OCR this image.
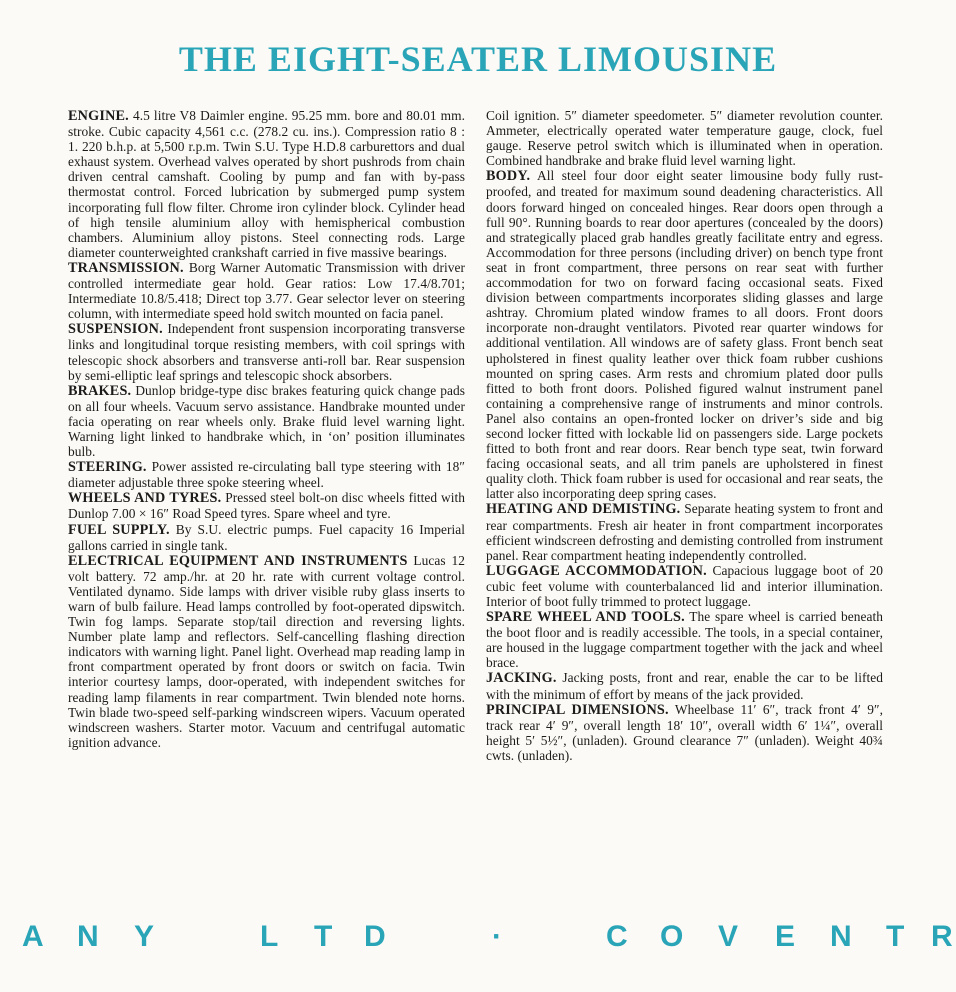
THE EIGHT-SEATER LIMOUSINE

ENGINE. 4.5 litre V8 Daimler engine. 95.25 mm. bore and 80.01 mm. stroke. Cubic capacity 4,561 c.c. (278.2 cu. ins.). Compression ratio 8 : 1. 220 b.h.p. at 5,500 r.p.m. Twin S.U. Type H.D.8 carburettors and dual exhaust system. Overhead valves operated by short pushrods from chain driven central camshaft. Cooling by pump and fan with by-pass thermostat control. Forced lubrication by submerged pump system incorporating full flow filter. Chrome iron cylinder block. Cylinder head of high tensile aluminium alloy with hemispherical combustion chambers. Aluminium alloy pistons. Steel connecting rods. Large diameter counterweighted crankshaft carried in five massive bearings.

TRANSMISSION. Borg Warner Automatic Transmission with driver controlled intermediate gear hold. Gear ratios: Low 17.4/8.701; Intermediate 10.8/5.418; Direct top 3.77. Gear selector lever on steering column, with intermediate speed hold switch mounted on facia panel.

SUSPENSION. Independent front suspension incorporating transverse links and longitudinal torque resisting members, with coil springs with telescopic shock absorbers and transverse anti-roll bar. Rear suspension by semi-elliptic leaf springs and telescopic shock absorbers.

BRAKES. Dunlop bridge-type disc brakes featuring quick change pads on all four wheels. Vacuum servo assistance. Handbrake mounted under facia operating on rear wheels only. Brake fluid level warning light. Warning light linked to handbrake which, in ‘on’ position illuminates bulb.

STEERING. Power assisted re-circulating ball type steering with 18″ diameter adjustable three spoke steering wheel.

WHEELS AND TYRES. Pressed steel bolt-on disc wheels fitted with Dunlop 7.00 × 16″ Road Speed tyres. Spare wheel and tyre.

FUEL SUPPLY. By S.U. electric pumps. Fuel capacity 16 Imperial gallons carried in single tank.

ELECTRICAL EQUIPMENT AND INSTRUMENTS Lucas 12 volt battery. 72 amp./hr. at 20 hr. rate with current voltage control. Ventilated dynamo. Side lamps with driver visible ruby glass inserts to warn of bulb failure. Head lamps controlled by foot-operated dipswitch. Twin fog lamps. Separate stop/tail direction and reversing lights. Number plate lamp and reflectors. Self-cancelling flashing direction indicators with warning light. Panel light. Overhead map reading lamp in front compartment operated by front doors or switch on facia. Twin interior courtesy lamps, door-operated, with independent switches for reading lamp filaments in rear compartment. Twin blended note horns. Twin blade two-speed self-parking windscreen wipers. Vacuum operated windscreen washers. Starter motor. Vacuum and centrifugal automatic ignition advance.

Coil ignition. 5″ diameter speedometer. 5″ diameter revolution counter. Ammeter, electrically operated water temperature gauge, clock, fuel gauge. Reserve petrol switch which is illuminated when in operation. Combined handbrake and brake fluid level warning light.

BODY. All steel four door eight seater limousine body fully rust-proofed, and treated for maximum sound deadening characteristics. All doors forward hinged on concealed hinges. Rear doors open through a full 90°. Running boards to rear door apertures (concealed by the doors) and strategically placed grab handles greatly facilitate entry and egress. Accommodation for three persons (including driver) on bench type front seat in front compartment, three persons on rear seat with further accommodation for two on forward facing occasional seats. Fixed division between compartments incorporates sliding glasses and large ashtray. Chromium plated window frames to all doors. Front doors incorporate non-draught ventilators. Pivoted rear quarter windows for additional ventilation. All windows are of safety glass. Front bench seat upholstered in finest quality leather over thick foam rubber cushions mounted on spring cases. Arm rests and chromium plated door pulls fitted to both front doors. Polished figured walnut instrument panel containing a comprehensive range of instruments and minor controls. Panel also contains an open-fronted locker on driver’s side and big second locker fitted with lockable lid on passengers side. Large pockets fitted to both front and rear doors. Rear bench type seat, twin forward facing occasional seats, and all trim panels are upholstered in finest quality cloth. Thick foam rubber is used for occasional and rear seats, the latter also incorporating deep spring cases.

HEATING AND DEMISTING. Separate heating system to front and rear compartments. Fresh air heater in front compartment incorporates efficient windscreen defrosting and demisting controlled from instrument panel. Rear compartment heating independently controlled.

LUGGAGE ACCOMMODATION. Capacious luggage boot of 20 cubic feet volume with counterbalanced lid and interior illumination. Interior of boot fully trimmed to protect luggage.

SPARE WHEEL AND TOOLS. The spare wheel is carried beneath the boot floor and is readily accessible. The tools, in a special container, are housed in the luggage compartment together with the jack and wheel brace.

JACKING. Jacking posts, front and rear, enable the car to be lifted with the minimum of effort by means of the jack provided.

PRINCIPAL DIMENSIONS. Wheelbase 11′ 6″, track front 4′ 9″, track rear 4′ 9″, overall length 18′ 10″, overall width 6′ 1¼″, overall height 5′ 5½″, (unladen). Ground clearance 7″ (unladen). Weight 40¾ cwts. (unladen).

A N Y	L T D	·	C O V E N T R
